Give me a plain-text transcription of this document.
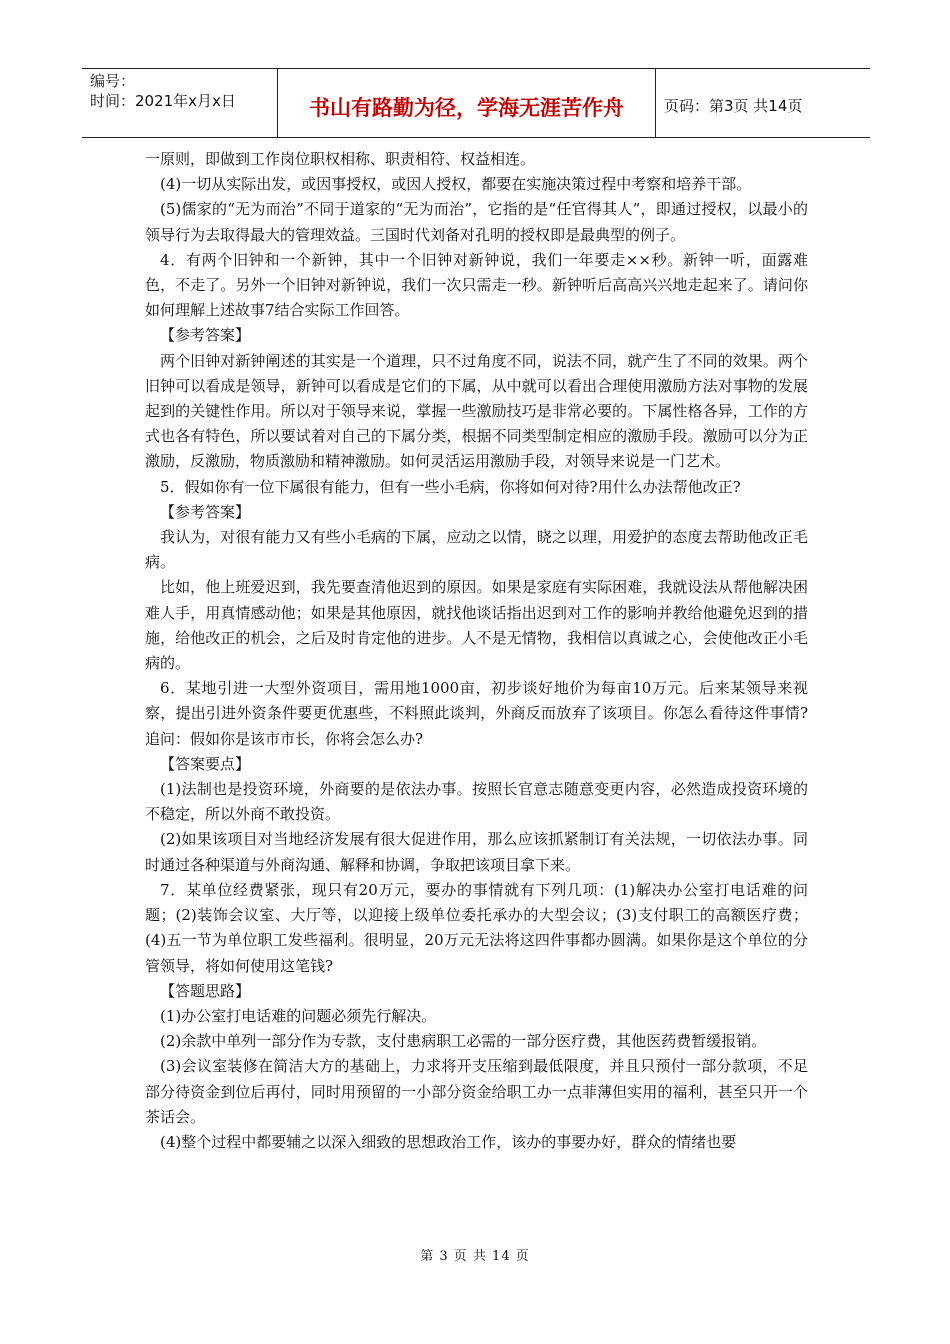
编号：
时间：2021年x月x日	书山有路勤为径，学海无涯苦作舟	页码：第3页 共14页

一原则，即做到工作岗位职权相称、职责相符、权益相连。

(4)一切从实际出发，或因事授权，或因人授权，都要在实施决策过程中考察和培养干部。

(5)儒家的“无为而治”不同于道家的“无为而治”，它指的是“任官得其人”，即通过授权，以最小的领导行为去取得最大的管理效益。三国时代刘备对孔明的授权即是最典型的例子。

4．有两个旧钟和一个新钟，其中一个旧钟对新钟说，我们一年要走××秒。新钟一听，面露难色，不走了。另外一个旧钟对新钟说，我们一次只需走一秒。新钟听后高高兴兴地走起来了。请问你如何理解上述故事7结合实际工作回答。

【参考答案】

两个旧钟对新钟阐述的其实是一个道理，只不过角度不同，说法不同，就产生了不同的效果。两个旧钟可以看成是领导，新钟可以看成是它们的下属，从中就可以看出合理使用激励方法对事物的发展起到的关键性作用。所以对于领导来说，掌握一些激励技巧是非常必要的。下属性格各异，工作的方式也各有特色，所以要试着对自己的下属分类，根据不同类型制定相应的激励手段。激励可以分为正激励，反激励，物质激励和精神激励。如何灵活运用激励手段，对领导来说是一门艺术。

5．假如你有一位下属很有能力，但有一些小毛病，你将如何对待?用什么办法帮他改正?

【参考答案】

我认为，对很有能力又有些小毛病的下属，应动之以情，晓之以理，用爱护的态度去帮助他改正毛病。

比如，他上班爱迟到，我先要查清他迟到的原因。如果是家庭有实际困难，我就设法从帮他解决困难人手，用真情感动他；如果是其他原因，就找他谈话指出迟到对工作的影响并教给他避免迟到的措施，给他改正的机会，之后及时肯定他的进步。人不是无情物，我相信以真诚之心，会使他改正小毛病的。

6．某地引进一大型外资项目，需用地1000亩，初步谈好地价为每亩10万元。后来某领导来视察，提出引进外资条件要更优惠些，不料照此谈判，外商反而放弃了该项目。你怎么看待这件事情?追问：假如你是该市市长，你将会怎么办?

【答案要点】

(1)法制也是投资环境，外商要的是依法办事。按照长官意志随意变更内容，必然造成投资环境的不稳定，所以外商不敢投资。

(2)如果该项目对当地经济发展有很大促进作用，那么应该抓紧制订有关法规，一切依法办事。同时通过各种渠道与外商沟通、解释和协调，争取把该项目拿下来。

7．某单位经费紧张，现只有20万元，要办的事情就有下列几项：(1)解决办公室打电话难的问题；(2)装饰会议室、大厅等，以迎接上级单位委托承办的大型会议；(3)支付职工的高额医疗费；(4)五一节为单位职工发些福利。很明显，20万元无法将这四件事都办圆满。如果你是这个单位的分管领导，将如何使用这笔钱?

【答题思路】

(1)办公室打电话难的问题必须先行解决。

(2)余款中单列一部分作为专款，支付患病职工必需的一部分医疗费，其他医药费暂缓报销。

(3)会议室装修在简洁大方的基础上，力求将开支压缩到最低限度，并且只预付一部分款项，不足部分待资金到位后再付，同时用预留的一小部分资金给职工办一点菲薄但实用的福利，甚至只开一个茶话会。

(4)整个过程中都要辅之以深入细致的思想政治工作，该办的事要办好，群众的情绪也要

第 3 页 共 14 页
